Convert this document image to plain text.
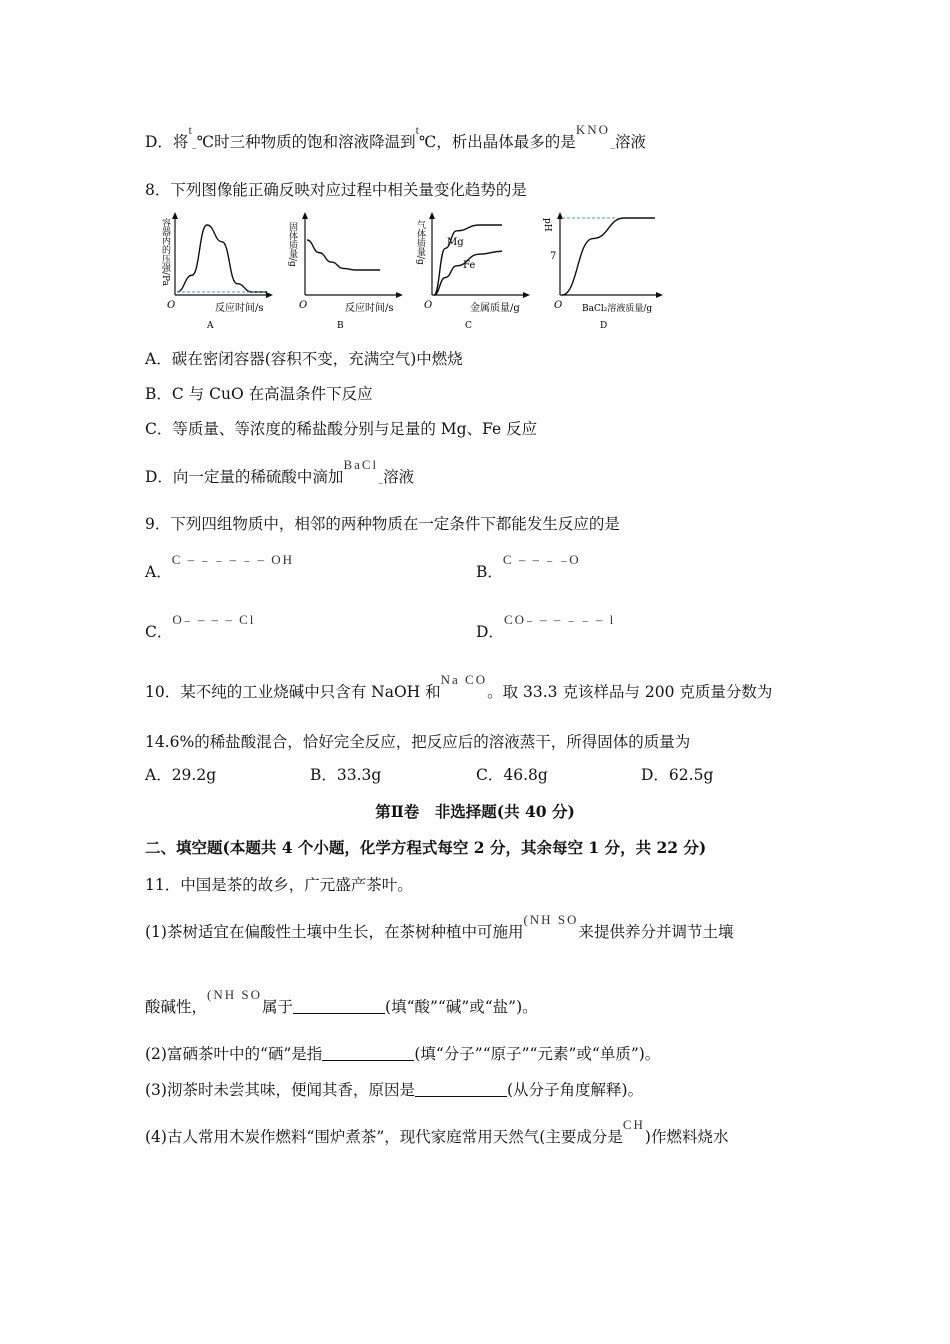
D．将$t_-℃$时三种物质的饱和溶液降温到t℃，析出晶体最多的是$KNO_-$溶液
8．下列图像能正确反映对应过程中相关量变化趋势的是
容器内的压强/Pa
O	反应时间/s
A
固体质量/g
O	反应时间/s
B
气体质量/g
O	金属质量/g
C
Mg
Fe
pH
7
O BaCl₂溶液质量/g
D
A．碳在密闭容器(容积不变，充满空气)中燃烧
B．C 与 CuO 在高温条件下反应
C．等质量、等浓度的稀盐酸分别与足量的 Mg、Fe 反应
D．向一定量的稀硫酸中滴加BaCl$_-$溶液
9．下列四组物质中，相邻的两种物质在一定条件下都能发生反应的是
A．C – ₋ ₋ – ₋ – OH
B．C – – ₋ ₋O
C．O₋ – – – Cl
D．CO₋ – – ₋ ₋ – l
10．某不纯的工业烧碱中只含有 NaOH 和Na CO。取 33.3 克该样品与 200 克质量分数为
14.6%的稀盐酸混合，恰好完全反应，把反应后的溶液蒸干，所得固体的质量为
A．29.2g	B．33.3g	C．46.8g	D．62.5g
第Ⅱ卷　非选择题(共 40 分)
二、填空题(本题共 4 个小题，化学方程式每空 2 分，其余每空 1 分，共 22 分)
11．中国是茶的故乡，广元盛产茶叶。
(1)茶树适宜在偏酸性土壤中生长，在茶树种植中可施用(NH SO来提供养分并调节土壤
酸碱性，(NH SO属于	(填“酸”“碱”或“盐”)。
(2)富硒茶叶中的“硒”是指	(填“分子”“原子”“元素”或“单质”)。
(3)沏茶时未尝其味，便闻其香，原因是	(从分子角度解释)。
(4)古人常用木炭作燃料“围炉煮茶”，现代家庭常用天然气(主要成分是CH)作燃料烧水
